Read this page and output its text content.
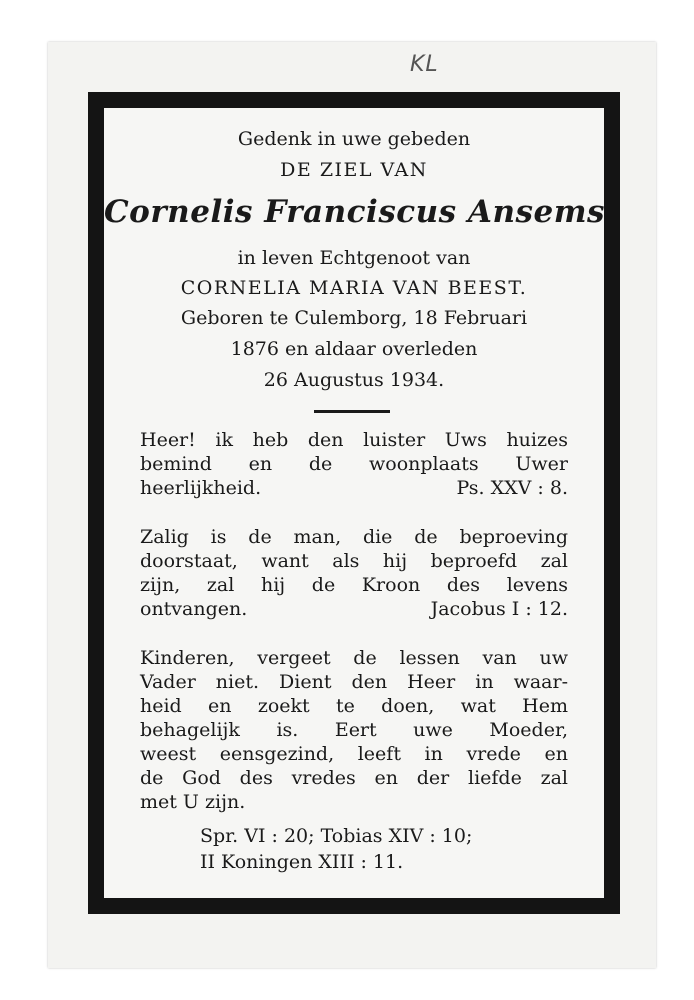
KL
Gedenk in uwe gebeden
DE ZIEL VAN
Cornelis Franciscus Ansems
in leven Echtgenoot van
CORNELIA MARIA VAN BEEST.
Geboren te Culemborg, 18 Februari
1876 en aldaar overleden
26 Augustus 1934.
Heer! ik heb den luister Uws huizes
bemind en de woonplaats Uwer
heerlijkheid.	Ps. XXV : 8.
Zalig is de man, die de beproeving
doorstaat, want als hij beproefd zal
zijn, zal hij de Kroon des levens
ontvangen.	Jacobus I : 12.
Kinderen, vergeet de lessen van uw
Vader niet. Dient den Heer in waar-
heid en zoekt te doen, wat Hem
behagelijk is. Eert uwe Moeder,
weest eensgezind, leeft in vrede en
de God des vredes en der liefde zal
met U zijn.
Spr. VI : 20; Tobias XIV : 10;
II Koningen XIII : 11.
